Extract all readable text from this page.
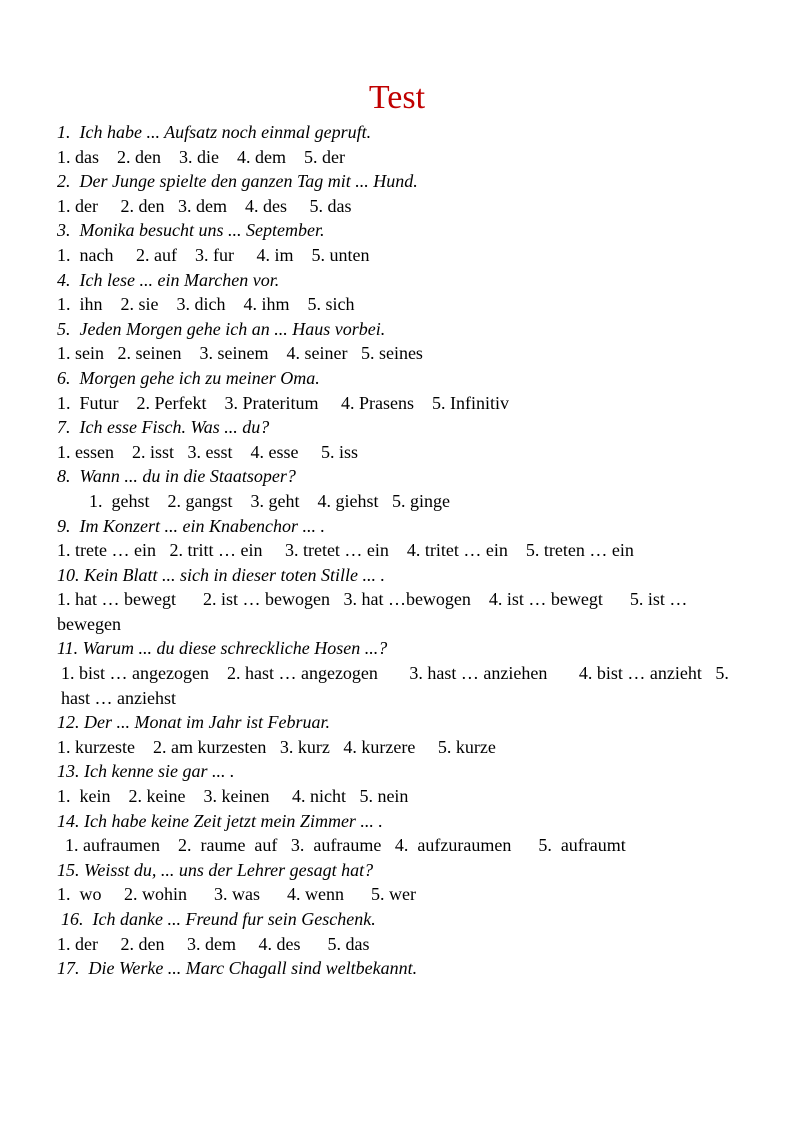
Test
1.  Ich habe ... Aufsatz noch einmal gepruft.
1. das    2. den    3. die    4. dem    5. der
2.  Der Junge spielte den ganzen Tag mit ... Hund.
1. der     2. den   3. dem    4. des     5. das
3.  Monika besucht uns ... September.
1.  nach     2. auf    3. fur     4. im    5. unten
4.  Ich lese ... ein Marchen vor.
1.  ihn    2. sie    3. dich    4. ihm    5. sich
5.  Jeden Morgen gehe ich an ... Haus vorbei.
1. sein   2. seinen    3. seinem    4. seiner   5. seines
6.  Morgen gehe ich zu meiner Oma.
1.  Futur    2. Perfekt    3. Prateritum     4. Prasens    5. Infinitiv
7.  Ich esse Fisch. Was ... du?
1. essen    2. isst   3. esst    4. esse     5. iss
8.  Wann ... du in die Staatsoper?
1.  gehst    2. gangst    3. geht    4. giehst   5. ginge
9.  Im Konzert ... ein Knabenchor ... .
1. trete … ein   2. tritt … ein     3. tretet … ein    4. tritet … ein    5. treten … ein
10. Kein Blatt ... sich in dieser toten Stille ... .
1. hat … bewegt      2. ist … bewogen   3. hat …bewogen    4. ist … bewegt      5. ist … bewegen
11. Warum ... du diese schreckliche Hosen ...?
1. bist … angezogen    2. hast … angezogen       3. hast … anziehen       4. bist … anzieht   5. hast … anziehst
12. Der ... Monat im Jahr ist Februar.
1. kurzeste    2. am kurzesten   3. kurz   4. kurzere     5. kurze
13. Ich kenne sie gar ... .
1.  kein    2. keine    3. keinen     4. nicht   5. nein
14. Ich habe keine Zeit jetzt mein Zimmer ... .
1. aufraumen    2.  raume  auf   3.  aufraume   4.  aufzuraumen      5.  aufraumt
15. Weisst du, ... uns der Lehrer gesagt hat?
1.  wo     2. wohin      3. was      4. wenn      5. wer
16.  Ich danke ... Freund fur sein Geschenk.
1. der     2. den     3. dem     4. des      5. das
17.  Die Werke ... Marc Chagall sind weltbekannt.
